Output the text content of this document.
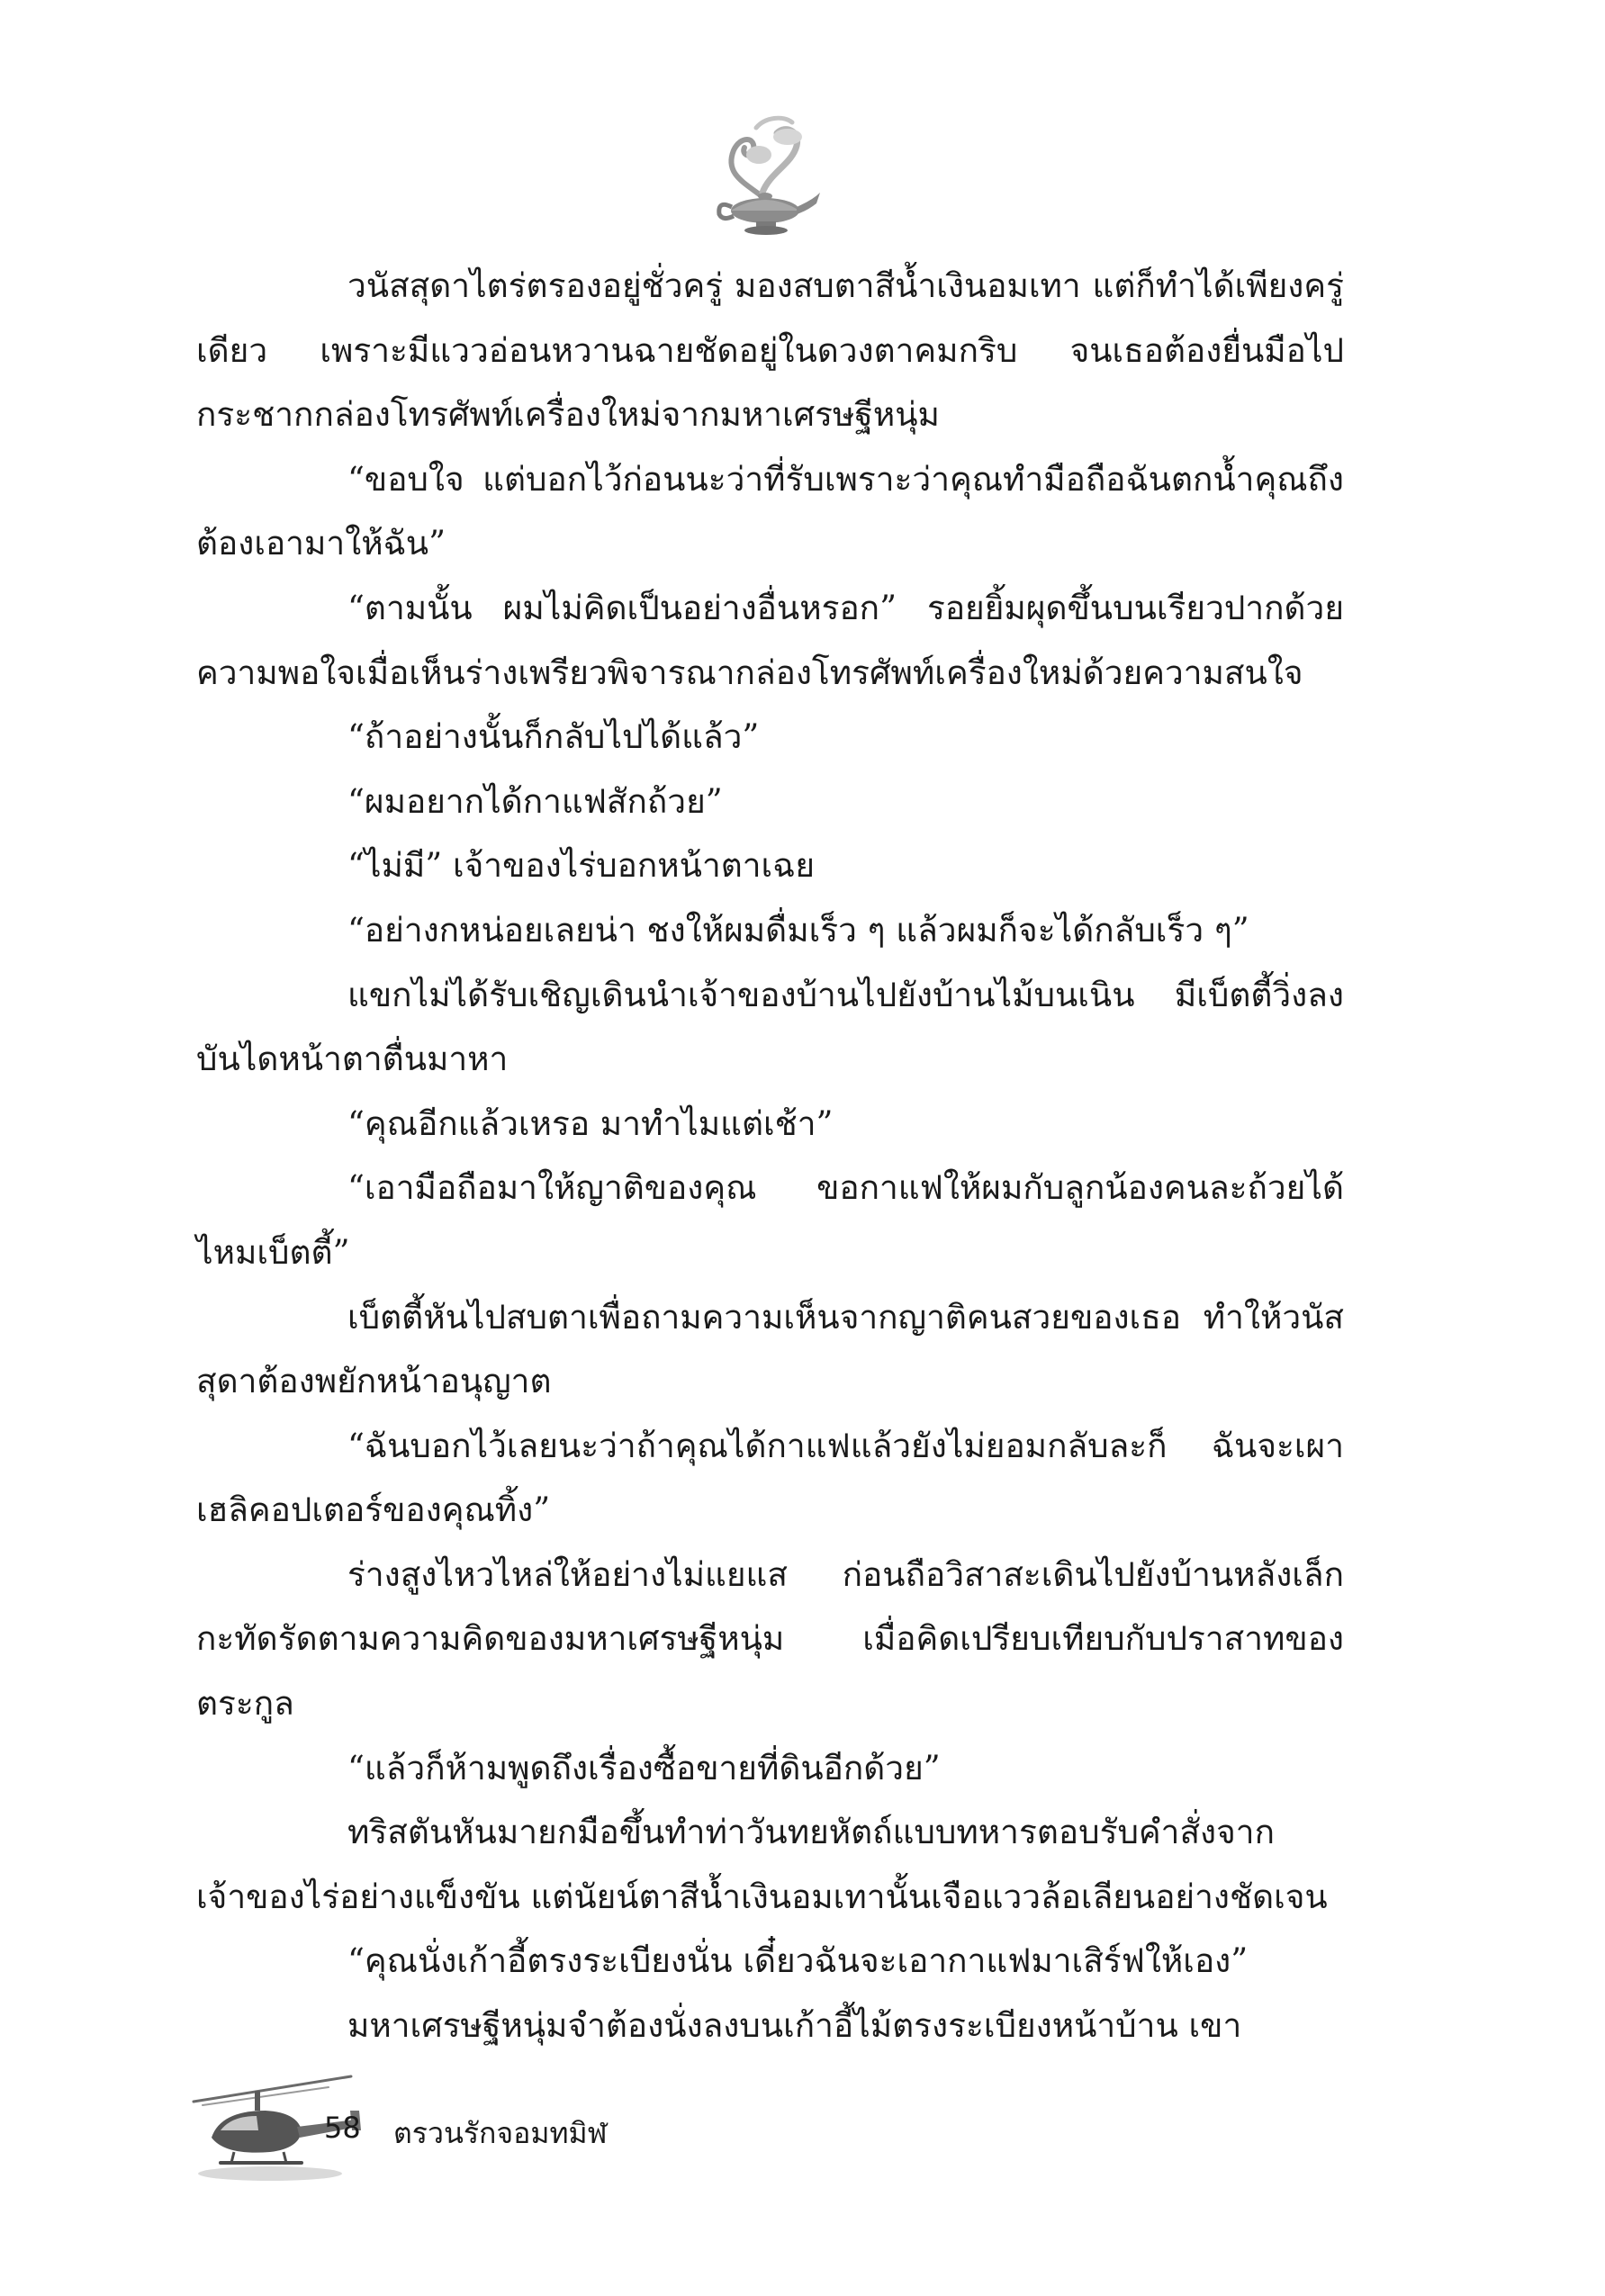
วนัสสุดาไตร่ตรองอยู่ชั่วครู่ มองสบตาสีน้ำเงินอมเทา แต่ก็ทำได้เพียงครู่เดียว เพราะมีแววอ่อนหวานฉายชัดอยู่ในดวงตาคมกริบ จนเธอต้องยื่นมือไปกระชากกล่องโทรศัพท์เครื่องใหม่จากมหาเศรษฐีหนุ่ม

“ขอบใจ แต่บอกไว้ก่อนนะว่าที่รับเพราะว่าคุณทำมือถือฉันตกน้ำคุณถึงต้องเอามาให้ฉัน”

“ตามนั้น ผมไม่คิดเป็นอย่างอื่นหรอก” รอยยิ้มผุดขึ้นบนเรียวปากด้วยความพอใจเมื่อเห็นร่างเพรียวพิจารณากล่องโทรศัพท์เครื่องใหม่ด้วยความสนใจ

“ถ้าอย่างนั้นก็กลับไปได้แล้ว”

“ผมอยากได้กาแฟสักถ้วย”

“ไม่มี” เจ้าของไร่บอกหน้าตาเฉย

“อย่างกหน่อยเลยน่า ชงให้ผมดื่มเร็ว ๆ แล้วผมก็จะได้กลับเร็ว ๆ”

แขกไม่ได้รับเชิญเดินนำเจ้าของบ้านไปยังบ้านไม้บนเนิน มีเบ็ตตี้วิ่งลงบันไดหน้าตาตื่นมาหา

“คุณอีกแล้วเหรอ มาทำไมแต่เช้า”

“เอามือถือมาให้ญาติของคุณ ขอกาแฟให้ผมกับลูกน้องคนละถ้วยได้ไหมเบ็ตตี้”

เบ็ตตี้หันไปสบตาเพื่อถามความเห็นจากญาติคนสวยของเธอ ทำให้วนัสสุดาต้องพยักหน้าอนุญาต

“ฉันบอกไว้เลยนะว่าถ้าคุณได้กาแฟแล้วยังไม่ยอมกลับละก็ ฉันจะเผาเฮลิคอปเตอร์ของคุณทิ้ง”

ร่างสูงไหวไหล่ให้อย่างไม่แยแส ก่อนถือวิสาสะเดินไปยังบ้านหลังเล็กกะทัดรัดตามความคิดของมหาเศรษฐีหนุ่ม เมื่อคิดเปรียบเทียบกับปราสาทของตระกูล

“แล้วก็ห้ามพูดถึงเรื่องซื้อขายที่ดินอีกด้วย”

ทริสตันหันมายกมือขึ้นทำท่าวันทยหัตถ์แบบทหารตอบรับคำสั่งจากเจ้าของไร่อย่างแข็งขัน แต่นัยน์ตาสีน้ำเงินอมเทานั้นเจือแววล้อเลียนอย่างชัดเจน

“คุณนั่งเก้าอี้ตรงระเบียงนั่น เดี๋ยวฉันจะเอากาแฟมาเสิร์ฟให้เอง”

มหาเศรษฐีหนุ่มจำต้องนั่งลงบนเก้าอี้ไม้ตรงระเบียงหน้าบ้าน เขา

58 ตรวนรักจอมทมิฬ
